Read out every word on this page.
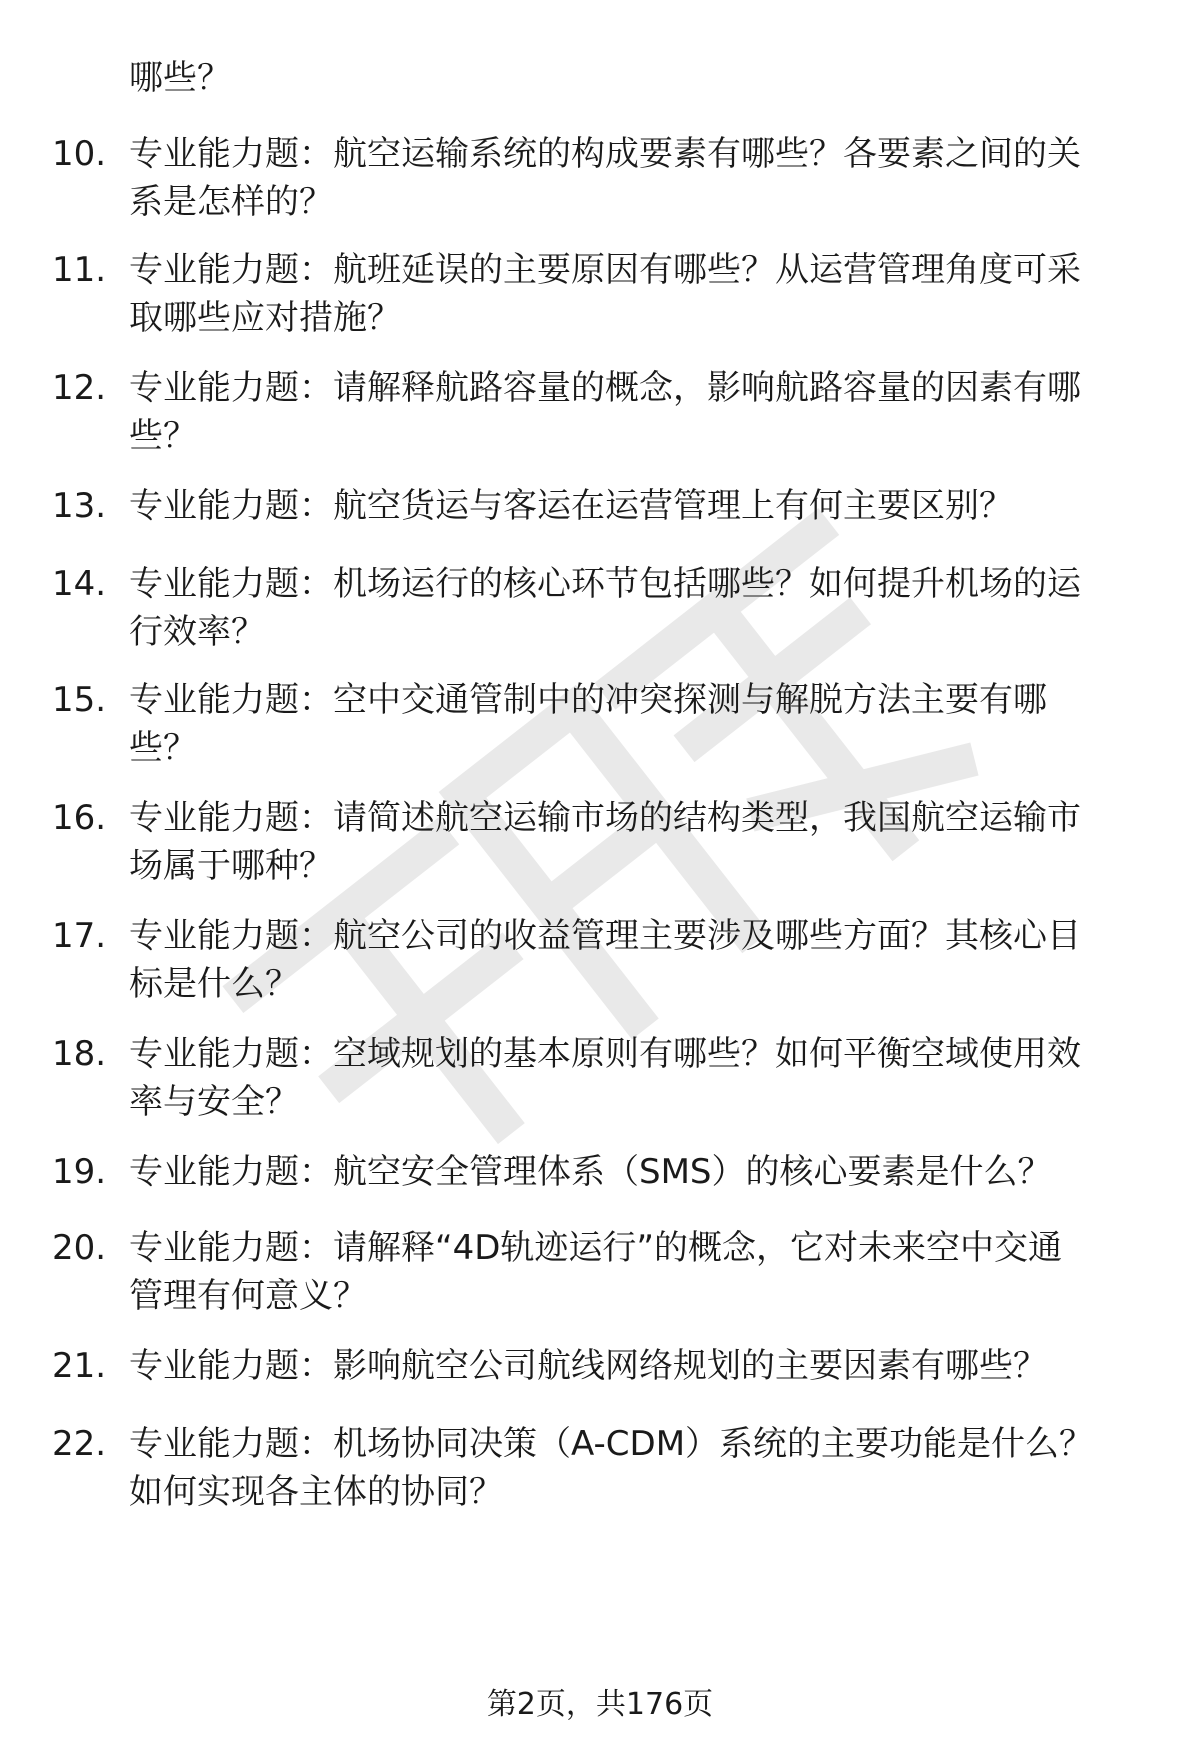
哪些？
10. 专业能力题：航空运输系统的构成要素有哪些？各要素之间的关
系是怎样的？
11. 专业能力题：航班延误的主要原因有哪些？从运营管理角度可采
取哪些应对措施？
12. 专业能力题：请解释航路容量的概念，影响航路容量的因素有哪
些？
13. 专业能力题：航空货运与客运在运营管理上有何主要区别？
14. 专业能力题：机场运行的核心环节包括哪些？如何提升机场的运
行效率？
15. 专业能力题：空中交通管制中的冲突探测与解脱方法主要有哪
些？
16. 专业能力题：请简述航空运输市场的结构类型，我国航空运输市
场属于哪种？
17. 专业能力题：航空公司的收益管理主要涉及哪些方面？其核心目
标是什么？
18. 专业能力题：空域规划的基本原则有哪些？如何平衡空域使用效
率与安全？
19. 专业能力题：航空安全管理体系（SMS）的核心要素是什么？
20. 专业能力题：请解释“4D轨迹运行”的概念，它对未来空中交通
管理有何意义？
21. 专业能力题：影响航空公司航线网络规划的主要因素有哪些？
22. 专业能力题：机场协同决策（A-CDM）系统的主要功能是什么？
如何实现各主体的协同？
第2页，共176页
